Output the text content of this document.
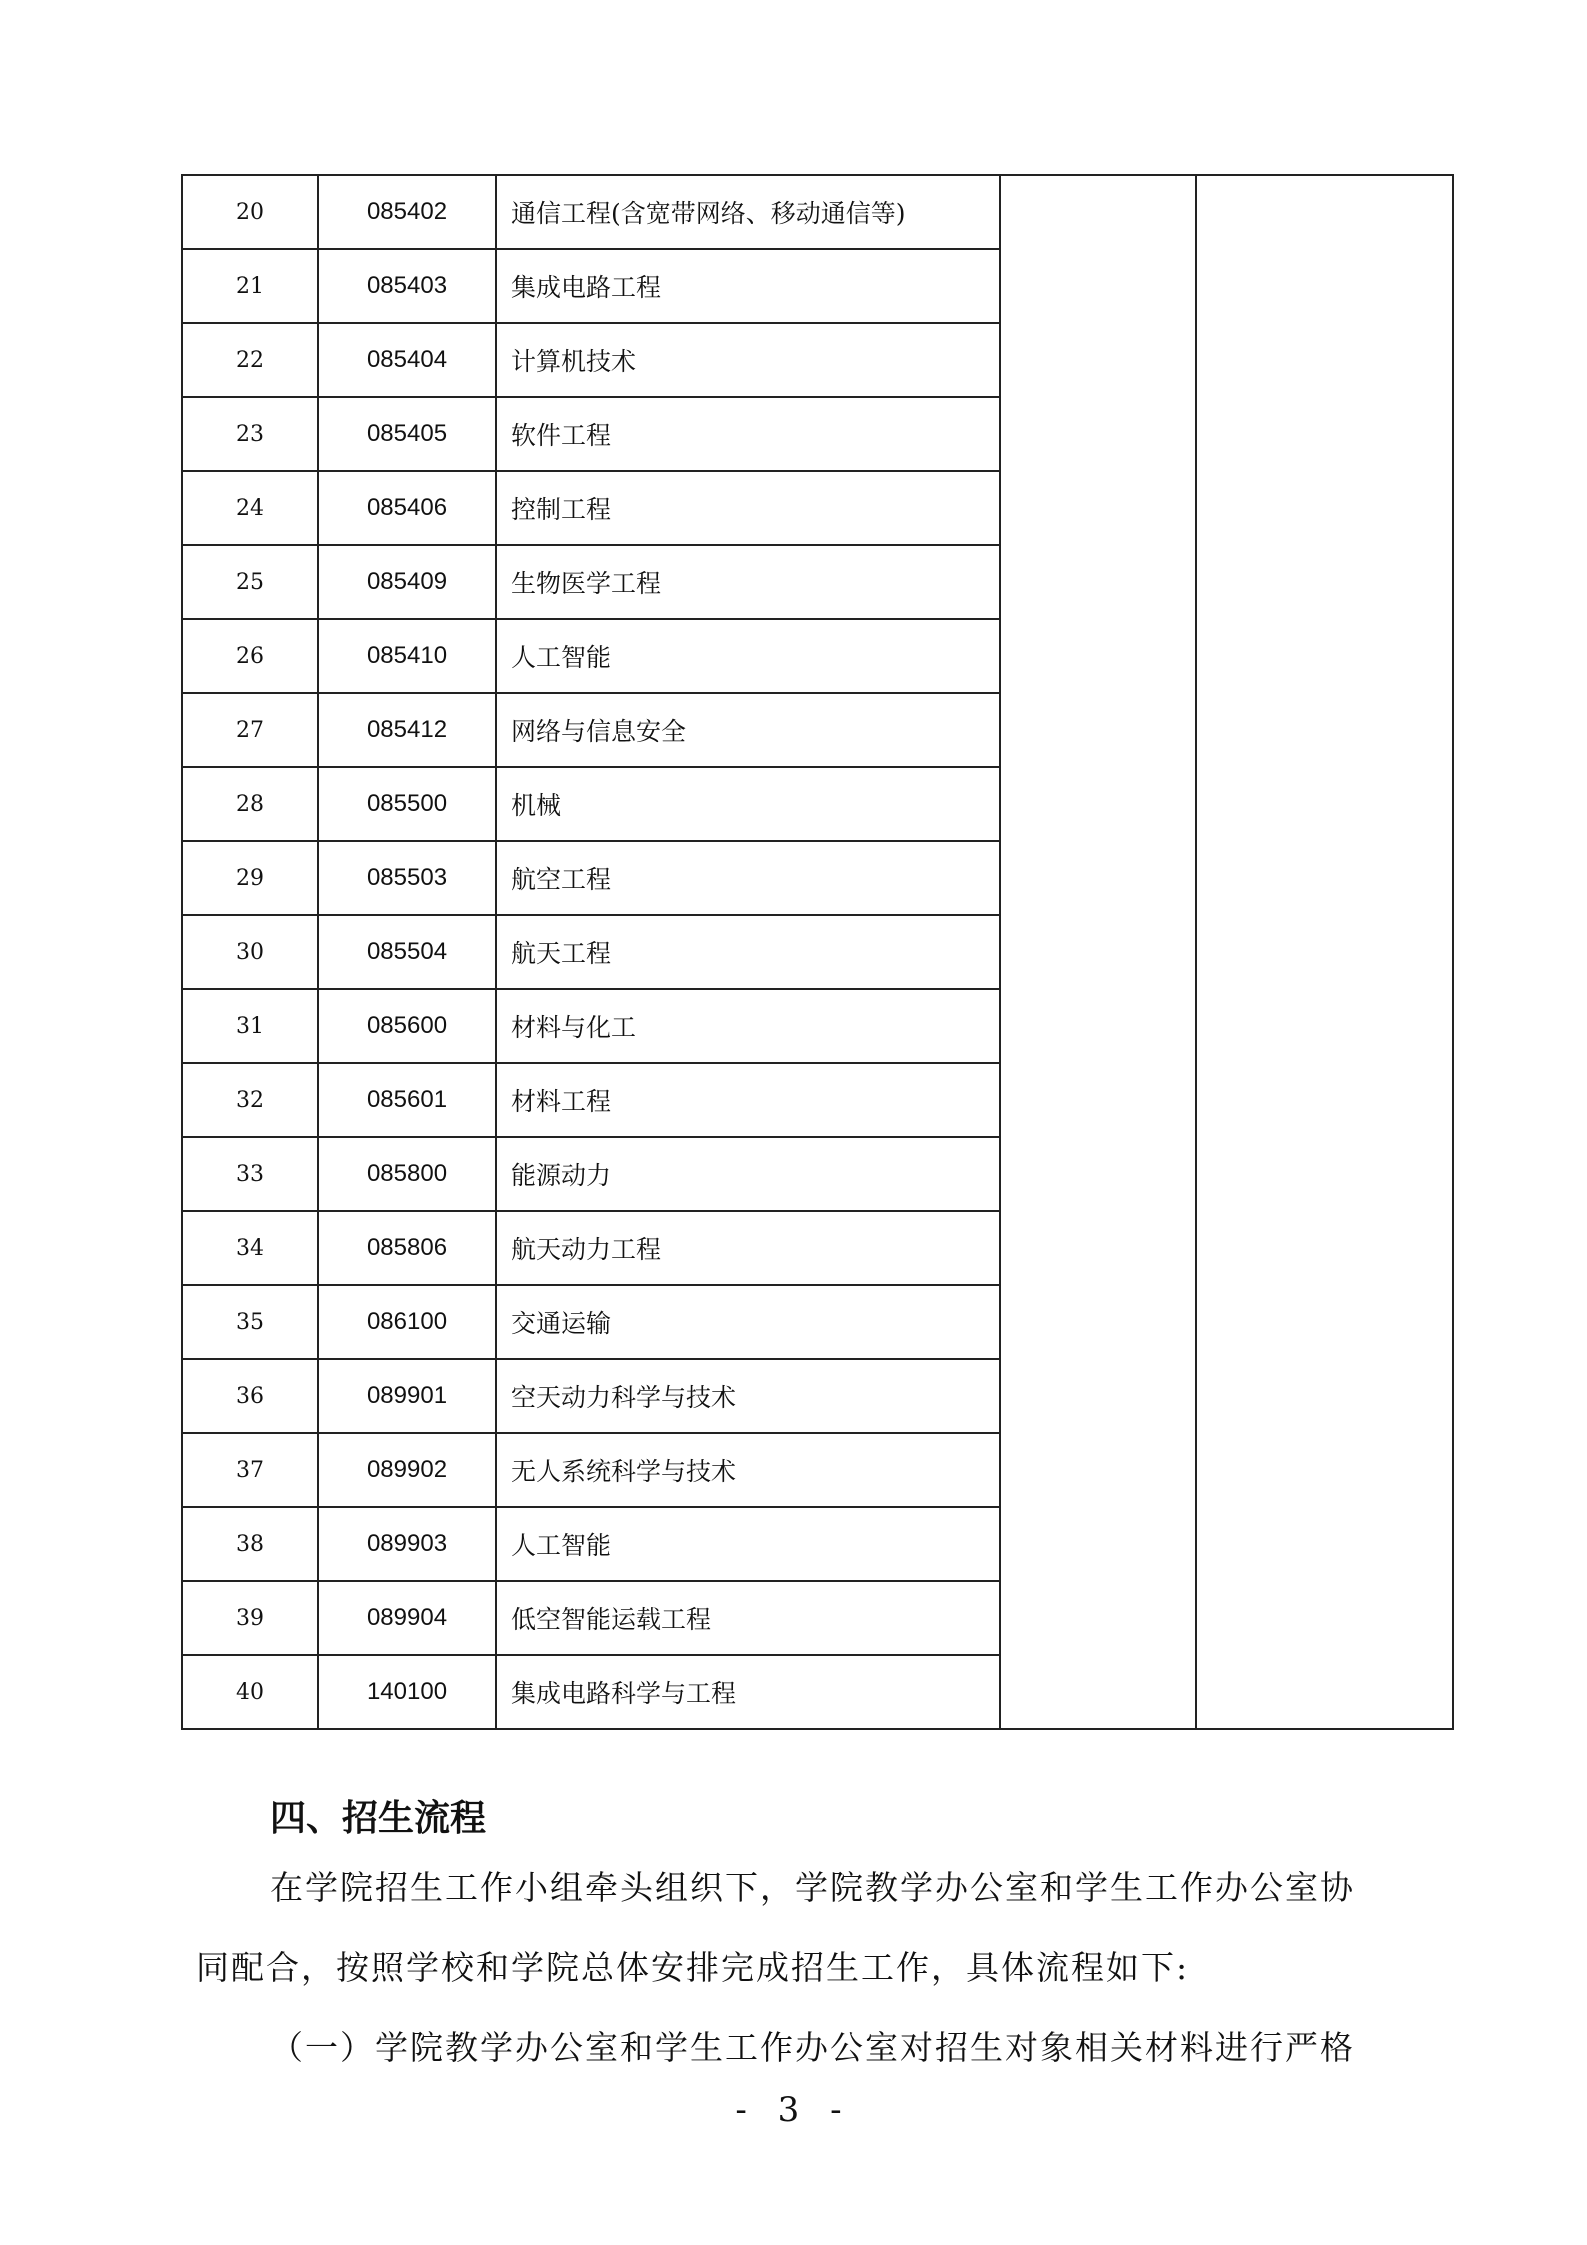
20	085402	通信工程(含宽带网络、移动通信等)		
21	085403	集成电路工程		
22	085404	计算机技术		
23	085405	软件工程		
24	085406	控制工程		
25	085409	生物医学工程		
26	085410	人工智能		
27	085412	网络与信息安全		
28	085500	机械		
29	085503	航空工程		
30	085504	航天工程		
31	085600	材料与化工		
32	085601	材料工程		
33	085800	能源动力		
34	085806	航天动力工程		
35	086100	交通运输		
36	089901	空天动力科学与技术		
37	089902	无人系统科学与技术		
38	089903	人工智能		
39	089904	低空智能运载工程		
40	140100	集成电路科学与工程		
四、招生流程
在学院招生工作小组牵头组织下，学院教学办公室和学生工作办公室协
同配合，按照学校和学院总体安排完成招生工作，具体流程如下:
（一）学院教学办公室和学生工作办公室对招生对象相关材料进行严格
- 3 -
